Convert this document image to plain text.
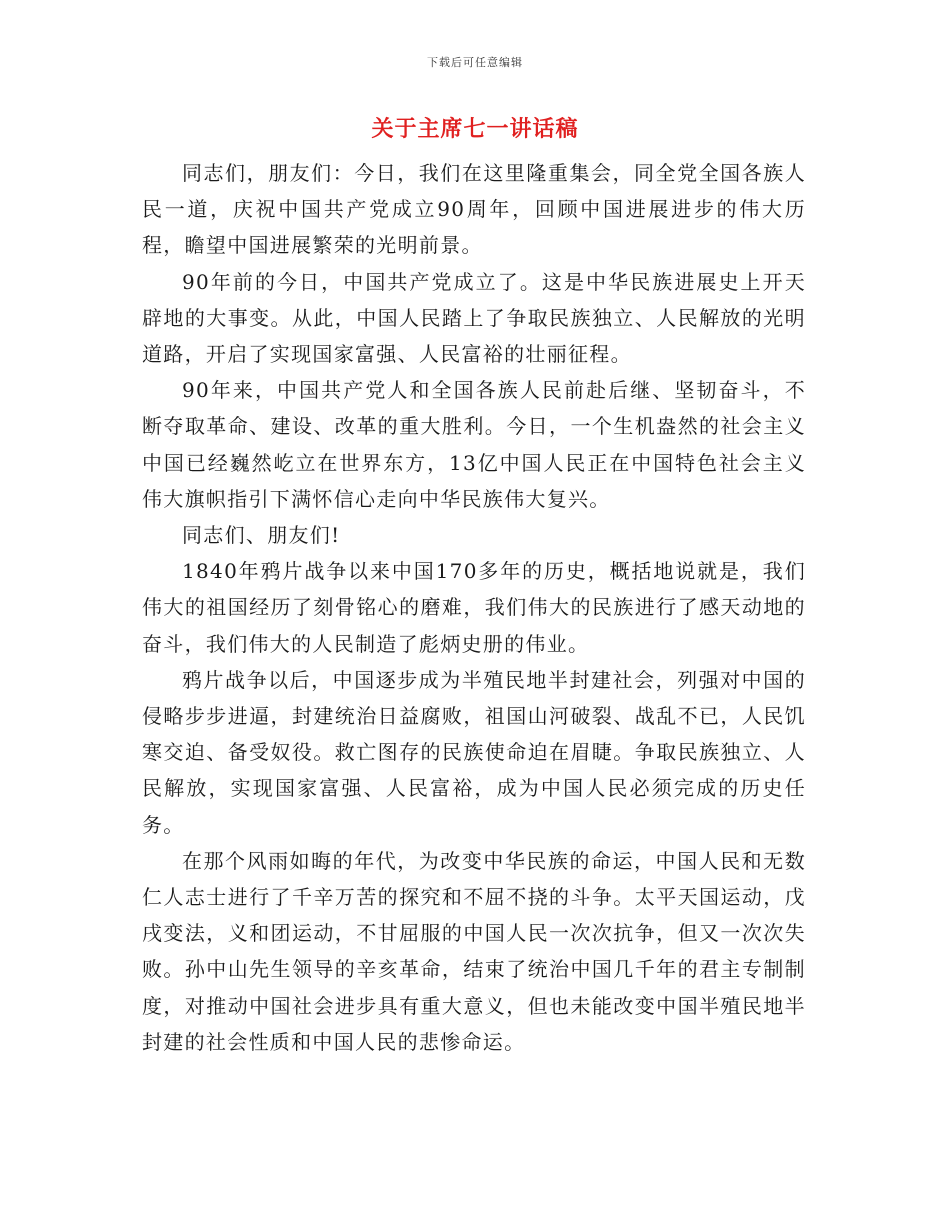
下载后可任意编辑
关于主席七一讲话稿

同志们，朋友们：今日，我们在这里隆重集会，同全党全国各族人民一道，庆祝中国共产党成立90周年，回顾中国进展进步的伟大历程，瞻望中国进展繁荣的光明前景。

90年前的今日，中国共产党成立了。这是中华民族进展史上开天辟地的大事变。从此，中国人民踏上了争取民族独立、人民解放的光明道路，开启了实现国家富强、人民富裕的壮丽征程。

90年来，中国共产党人和全国各族人民前赴后继、坚韧奋斗，不断夺取革命、建设、改革的重大胜利。今日，一个生机盎然的社会主义中国已经巍然屹立在世界东方，13亿中国人民正在中国特色社会主义伟大旗帜指引下满怀信心走向中华民族伟大复兴。

同志们、朋友们!

1840年鸦片战争以来中国170多年的历史，概括地说就是，我们伟大的祖国经历了刻骨铭心的磨难，我们伟大的民族进行了感天动地的奋斗，我们伟大的人民制造了彪炳史册的伟业。

鸦片战争以后，中国逐步成为半殖民地半封建社会，列强对中国的侵略步步进逼，封建统治日益腐败，祖国山河破裂、战乱不已，人民饥寒交迫、备受奴役。救亡图存的民族使命迫在眉睫。争取民族独立、人民解放，实现国家富强、人民富裕，成为中国人民必须完成的历史任务。

在那个风雨如晦的年代，为改变中华民族的命运，中国人民和无数仁人志士进行了千辛万苦的探究和不屈不挠的斗争。太平天国运动，戊戌变法，义和团运动，不甘屈服的中国人民一次次抗争，但又一次次失败。孙中山先生领导的辛亥革命，结束了统治中国几千年的君主专制制度，对推动中国社会进步具有重大意义，但也未能改变中国半殖民地半封建的社会性质和中国人民的悲惨命运。
